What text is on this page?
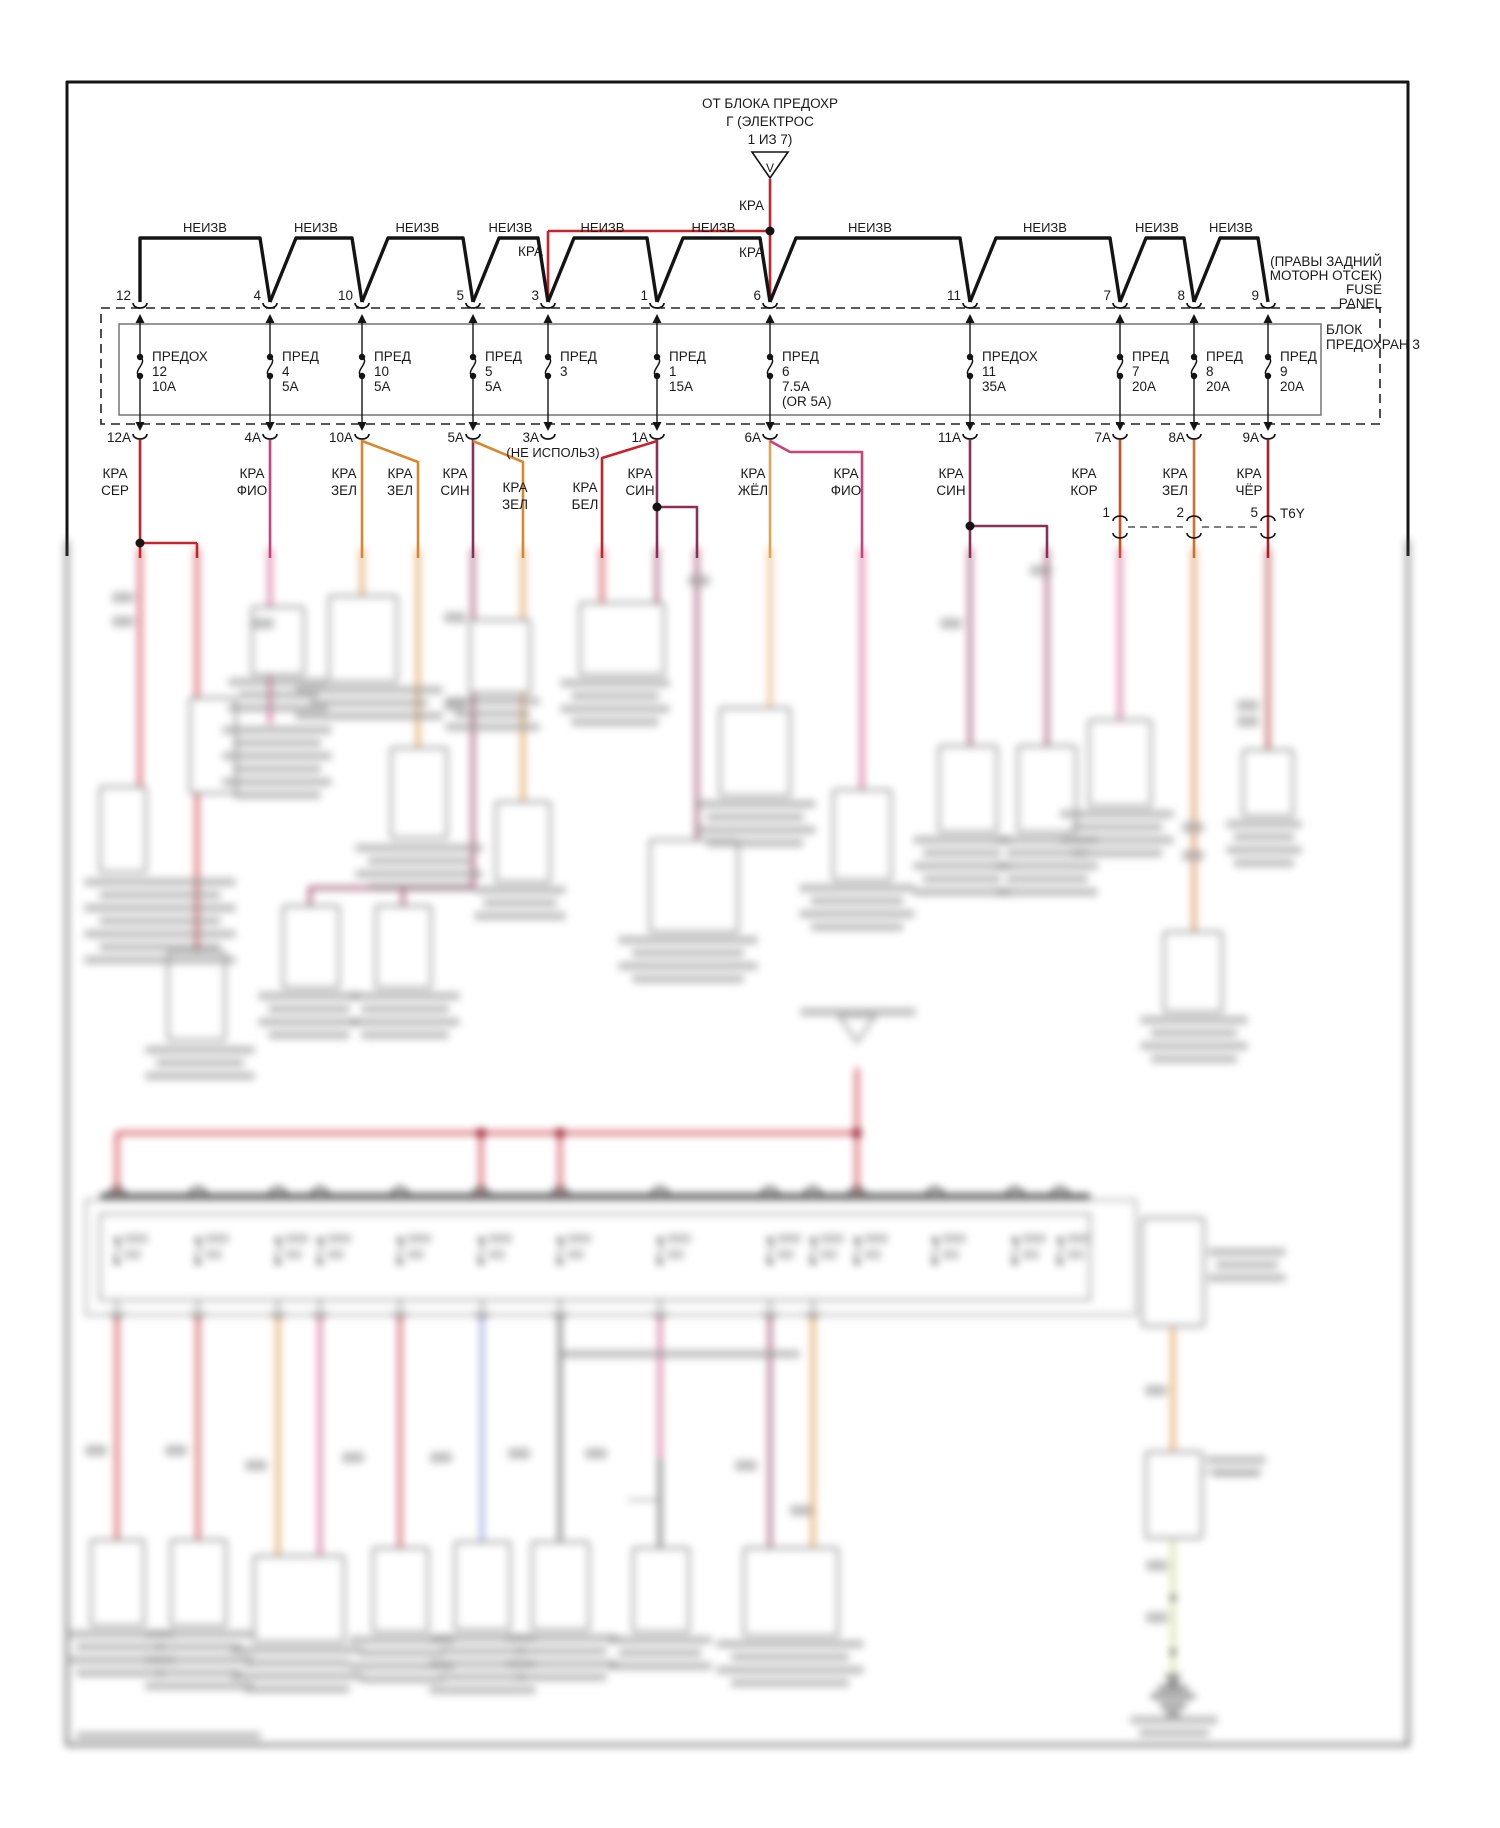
ОТ БЛОКА ПРЕДОХР
Г (ЭЛЕКТРОС
1 ИЗ 7)
V
КРА
КРА
КРА
(ПРАВЫ ЗАДНИЙ
МОТОРН ОТСЕК)
FUSE
PANEL
БЛОК
ПРЕДОХРАН 3
НЕИЗВ	НЕИЗВ	НЕИЗВ	НЕИЗВ	НЕИЗВ	НЕИЗВ	НЕИЗВ	НЕИЗВ	НЕИЗВ НЕИЗВ
12
ПРЕДОХ
12
10А
12А
4
ПРЕД
4
5А
4А
10
ПРЕД
10
5А
10А
5
ПРЕД
5
5А
5А
3
ПРЕД
3
3А
(НЕ ИСПОЛЬЗ)
1
ПРЕД
1
15А
1А
6
ПРЕД
6
7.5А
(OR 5А)
6А
11
ПРЕДОХ
11
35А
11А
7
ПРЕД
7
20А
7А
8
ПРЕД
8
20А
8А
9
ПРЕД
9
20А
9А
КРА
СЕР
КРА
ФИО
КРА
ЗЕЛ
КРА
ЗЕЛ
КРА
СИН КРА
ЗЕЛ
КРА
БЕЛ
КРА
СИН
КРА
ЖЁЛ
КРА
ФИО
КРА
СИН
КРА
КОР
КРА
ЗЕЛ
КРА
ЧЁР
1	2	5 T6Y
